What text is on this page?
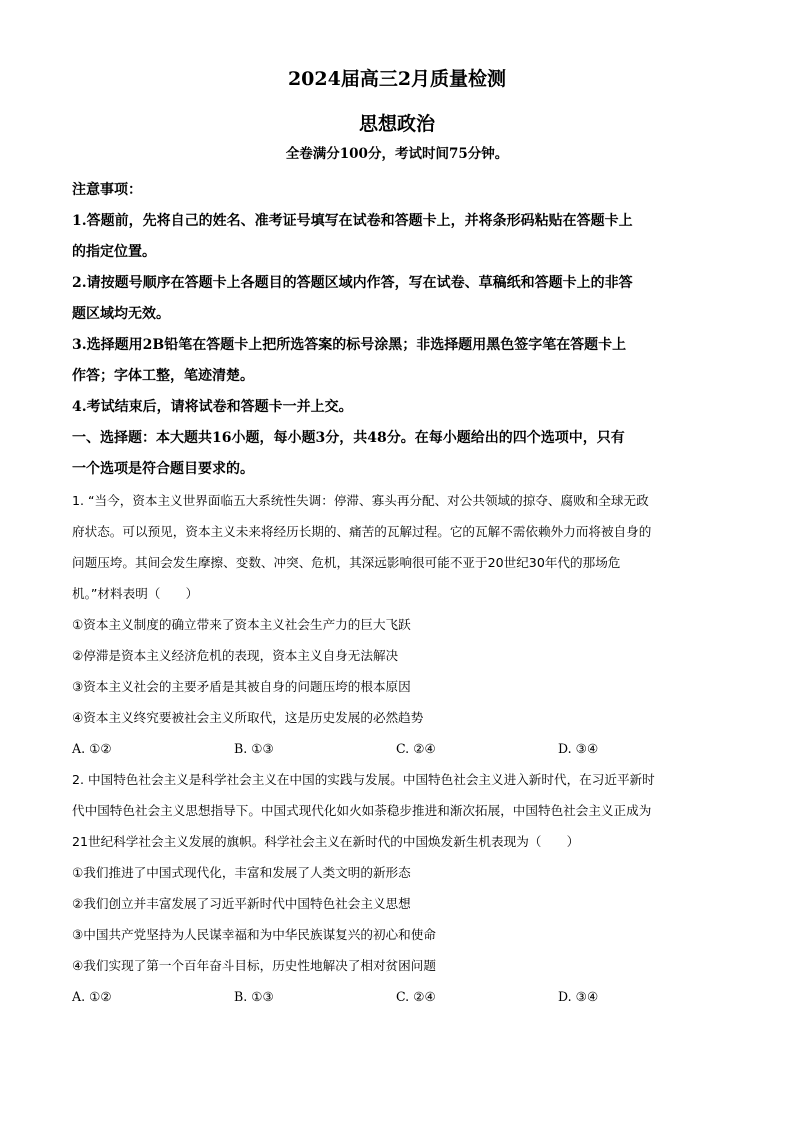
2024届高三2月质量检测
思想政治
全卷满分100分，考试时间75分钟。
注意事项：
1.答题前，先将自己的姓名、准考证号填写在试卷和答题卡上，并将条形码粘贴在答题卡上
的指定位置。
2.请按题号顺序在答题卡上各题目的答题区域内作答，写在试卷、草稿纸和答题卡上的非答
题区域均无效。
3.选择题用2B铅笔在答题卡上把所选答案的标号涂黑；非选择题用黑色签字笔在答题卡上
作答；字体工整，笔迹清楚。
4.考试结束后，请将试卷和答题卡一并上交。
一、选择题：本大题共16小题，每小题3分，共48分。在每小题给出的四个选项中，只有
一个选项是符合题目要求的。
1. “当今，资本主义世界面临五大系统性失调：停滞、寡头再分配、对公共领域的掠夺、腐败和全球无政
府状态。可以预见，资本主义未来将经历长期的、痛苦的瓦解过程。它的瓦解不需依赖外力而将被自身的
问题压垮。其间会发生摩擦、变数、冲突、危机，其深远影响很可能不亚于20世纪30年代的那场危
机。”材料表明（　　）
①资本主义制度的确立带来了资本主义社会生产力的巨大飞跃
②停滞是资本主义经济危机的表现，资本主义自身无法解决
③资本主义社会的主要矛盾是其被自身的问题压垮的根本原因
④资本主义终究要被社会主义所取代，这是历史发展的必然趋势
A. ①②	B. ①③	C. ②④	D. ③④
2. 中国特色社会主义是科学社会主义在中国的实践与发展。中国特色社会主义进入新时代，在习近平新时
代中国特色社会主义思想指导下。中国式现代化如火如荼稳步推进和渐次拓展，中国特色社会主义正成为
21世纪科学社会主义发展的旗帜。科学社会主义在新时代的中国焕发新生机表现为（　　）
①我们推进了中国式现代化，丰富和发展了人类文明的新形态
②我们创立并丰富发展了习近平新时代中国特色社会主义思想
③中国共产党坚持为人民谋幸福和为中华民族谋复兴的初心和使命
④我们实现了第一个百年奋斗目标，历史性地解决了相对贫困问题
A. ①②	B. ①③	C. ②④	D. ③④
